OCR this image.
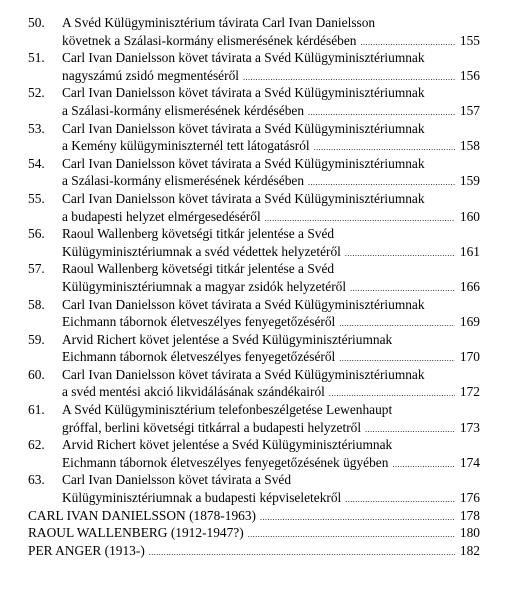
50.	A Svéd Külügyminisztérium távirata Carl Ivan Danielsson
követnek a Szálasi-kormány elismerésének kérdésében .....	155
51.	Carl Ivan Danielsson követ távirata a Svéd Külügyminisztériumnak
nagyszámú zsidó megmentéséről .....	156
52.	Carl Ivan Danielsson követ távirata a Svéd Külügyminisztériumnak
a Szálasi-kormány elismerésének kérdésében .....	157
53.	Carl Ivan Danielsson követ távirata a Svéd Külügyminisztériumnak
a Kemény külügyminiszternél tett látogatásról .....	158
54.	Carl Ivan Danielsson követ távirata a Svéd Külügyminisztériumnak
a Szálasi-kormány elismerésének kérdésében .....	159
55.	Carl Ivan Danielsson követ távirata a Svéd Külügyminisztériumnak
a budapesti helyzet elmérgesedéséről .....	160
56.	Raoul Wallenberg követségi titkár jelentése a Svéd
Külügyminisztériumnak a svéd védettek helyzetéről .....	161
57.	Raoul Wallenberg követségi titkár jelentése a Svéd
Külügyminisztériumnak a magyar zsidók helyzetéről .....	166
58.	Carl Ivan Danielsson követ távirata a Svéd Külügyminisztériumnak
Eichmann tábornok életveszélyes fenyegetőzéséről .....	169
59.	Arvid Richert követ jelentése a Svéd Külügyminisztériumnak
Eichmann tábornok életveszélyes fenyegetőzéséről .....	170
60.	Carl Ivan Danielsson követ távirata a Svéd Külügyminisztériumnak
a svéd mentési akció likvidálásának szándékairól .....	172
61.	A Svéd Külügyminisztérium telefonbeszélgetése Lewenhaupt
gróffal, berlini követségi titkárral a budapesti helyzetről .....	173
62.	Arvid Richert követ jelentése a Svéd Külügyminisztériumnak
Eichmann tábornok életveszélyes fenyegetőzésének ügyében .....	174
63.	Carl Ivan Danielsson követ távirata a Svéd
Külügyminisztériumnak a budapesti képviseletekről .....	176
CARL IVAN DANIELSSON (1878-1963) .....	178
RAOUL WALLENBERG (1912-1947?) .....	180
PER ANGER (1913-) .....	182
